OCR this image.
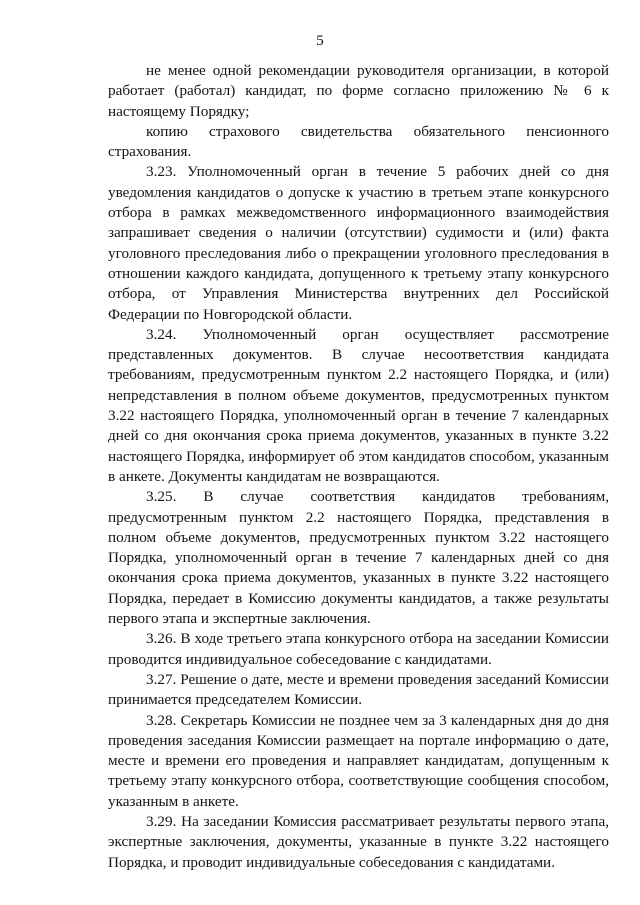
5

не менее одной рекомендации руководителя организации, в которой работает (работал) кандидат, по форме согласно приложению № 6 к настоящему Порядку;

копию страхового свидетельства обязательного пенсионного страхования.

3.23. Уполномоченный орган в течение 5 рабочих дней со дня уведомления кандидатов о допуске к участию в третьем этапе конкурсного отбора в рамках межведомственного информационного взаимодействия запрашивает сведения о наличии (отсутствии) судимости и (или) факта уголовного преследования либо о прекращении уголовного преследования в отношении каждого кандидата, допущенного к третьему этапу конкурсного отбора, от Управления Министерства внутренних дел Российской Федерации по Новгородской области.

3.24. Уполномоченный орган осуществляет рассмотрение представленных документов. В случае несоответствия кандидата требованиям, предусмотренным пунктом 2.2 настоящего Порядка, и (или) непредставления в полном объеме документов, предусмотренных пунктом 3.22 настоящего Порядка, уполномоченный орган в течение 7 календарных дней со дня окончания срока приема документов, указанных в пункте 3.22 настоящего Порядка, информирует об этом кандидатов способом, указанным в анкете. Документы кандидатам не возвращаются.

3.25. В случае соответствия кандидатов требованиям, предусмотренным пунктом 2.2 настоящего Порядка, представления в полном объеме документов, предусмотренных пунктом 3.22 настоящего Порядка, уполномоченный орган в течение 7 календарных дней со дня окончания срока приема документов, указанных в пункте 3.22 настоящего Порядка, передает в Комиссию документы кандидатов, а также результаты первого этапа и экспертные заключения.

3.26. В ходе третьего этапа конкурсного отбора на заседании Комиссии проводится индивидуальное собеседование с кандидатами.

3.27. Решение о дате, месте и времени проведения заседаний Комиссии принимается председателем Комиссии.

3.28. Секретарь Комиссии не позднее чем за 3 календарных дня до дня проведения заседания Комиссии размещает на портале информацию о дате, месте и времени его проведения и направляет кандидатам, допущенным к третьему этапу конкурсного отбора, соответствующие сообщения способом, указанным в анкете.

3.29. На заседании Комиссия рассматривает результаты первого этапа, экспертные заключения, документы, указанные в пункте 3.22 настоящего Порядка, и проводит индивидуальные собеседования с кандидатами.
